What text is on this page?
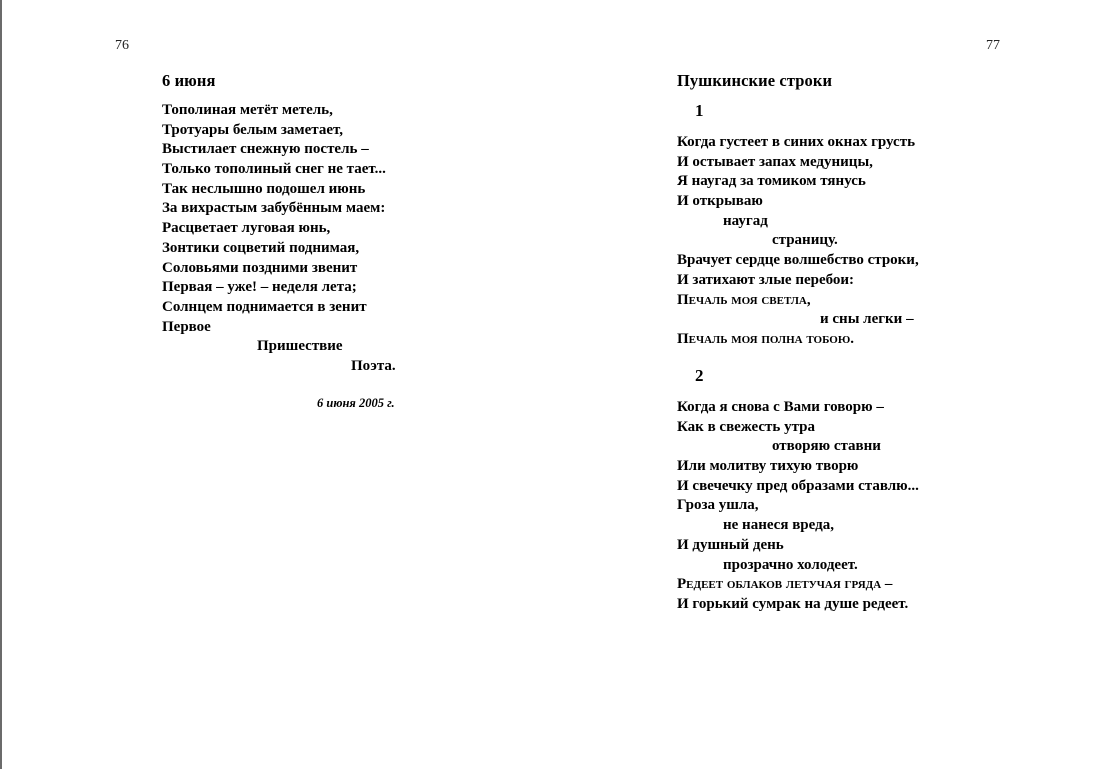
76
6 июня
Тополиная метёт метель,
Тротуары белым заметает,
Выстилает снежную постель –
Только тополиный снег не тает...
Так неслышно подошел июнь
За вихрастым забубённым маем:
Расцветает луговая юнь,
Зонтики соцветий поднимая,
Соловьями поздними звенит
Первая – уже! – неделя лета;
Солнцем поднимается в зенит
Первое
Пришествие
Поэта.

6 июня 2005 г.

77
Пушкинские строки
1
Когда густеет в синих окнах грусть
И остывает запах медуницы,
Я наугад за томиком тянусь
И открываю
наугад
страницу.
Врачует сердце волшебство строки,
И затихают злые перебои:
Печаль моя светла,
и сны легки –
Печаль моя полна тобою.
2
Когда я снова с Вами говорю –
Как в свежесть утра
отворяю ставни
Или молитву тихую творю
И свечечку пред образами ставлю...
Гроза ушла,
не нанеся вреда,
И душный день
прозрачно холодеет.
Редеет облаков летучая гряда –
И горький сумрак на душе редеет.
